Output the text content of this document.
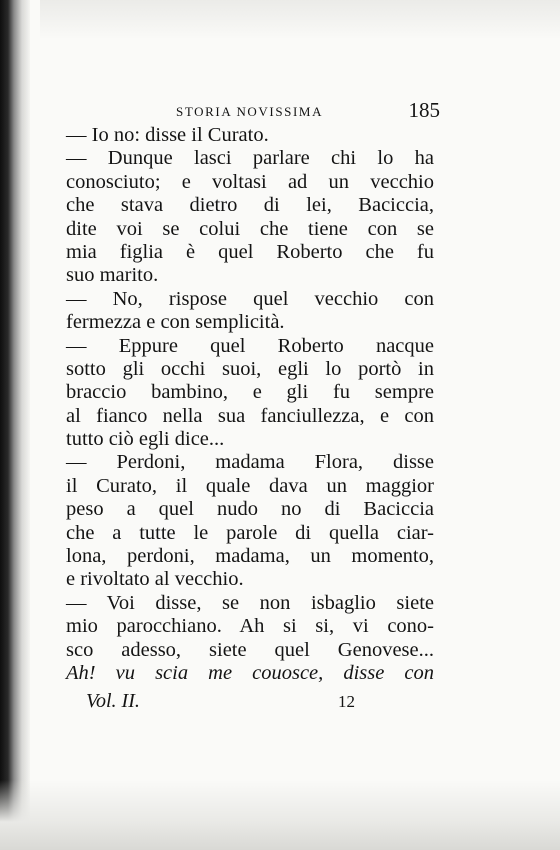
STORIA NOVISSIMA	185
— Io no: disse il Curato.
— Dunque lasci parlare chi lo ha
conosciuto; e voltasi ad un vecchio
che stava dietro di lei, Baciccia,
dite voi se colui che tiene con se
mia figlia è quel Roberto che fu
suo marito.
— No, rispose quel vecchio con
fermezza e con semplicità.
— Eppure quel Roberto nacque
sotto gli occhi suoi, egli lo portò in
braccio bambino, e gli fu sempre
al fianco nella sua fanciullezza, e con
tutto ciò egli dice...
— Perdoni, madama Flora, disse
il Curato, il quale dava un maggior
peso a quel nudo no di Baciccia
che a tutte le parole di quella ciar-
lona, perdoni, madama, un momento,
e rivoltato al vecchio.
— Voi disse, se non isbaglio siete
mio parocchiano. Ah si si, vi cono-
sco adesso, siete quel Genovese...
Ah! vu scia me couosce, disse con
Vol. II.	12
